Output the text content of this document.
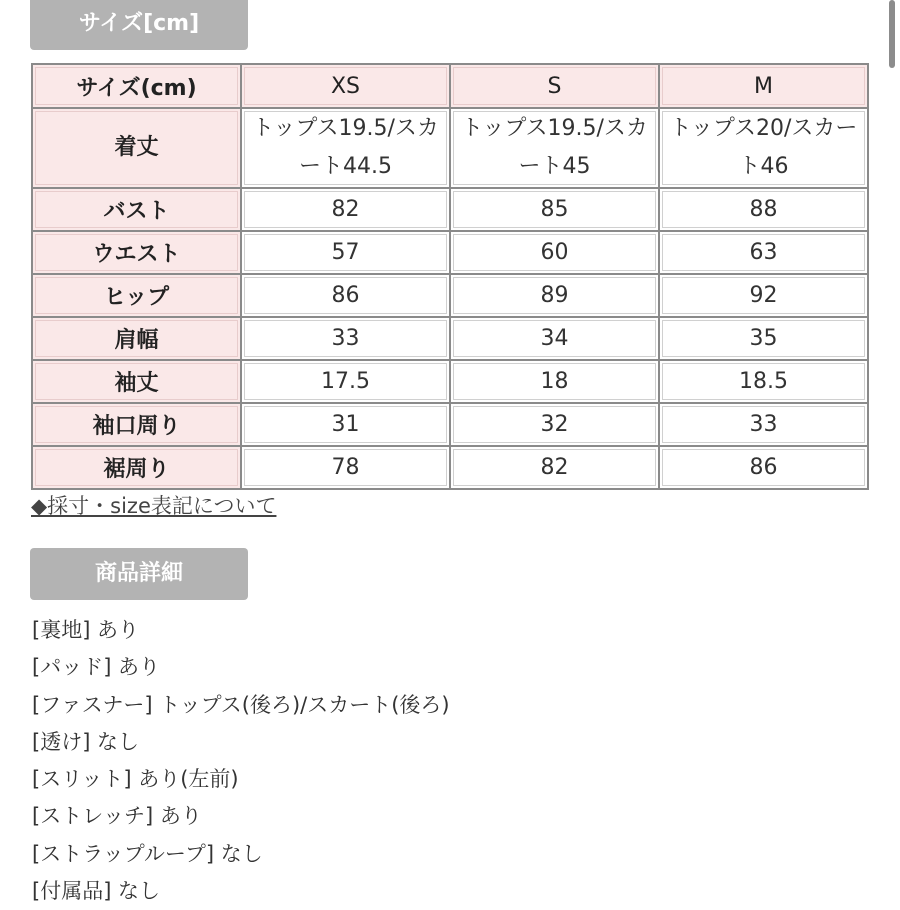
サイズ[cm]
サイズ(cm)	XS	S	M

着丈	トップス19.5/スカート44.5	トップス19.5/スカート45	トップス20/スカート46

バスト	82	85	88

ウエスト	57	60	63

ヒップ	86	89	92

肩幅	33	34	35

袖丈	17.5	18	18.5

袖口周り	31	32	33

裾周り	78	82	86
◆採寸・size表記について
商品詳細
[裏地] あり
[パッド] あり
[ファスナー] トップス(後ろ)/スカート(後ろ)
[透け] なし
[スリット] あり(左前)
[ストレッチ] あり
[ストラップループ] なし
[付属品] なし
